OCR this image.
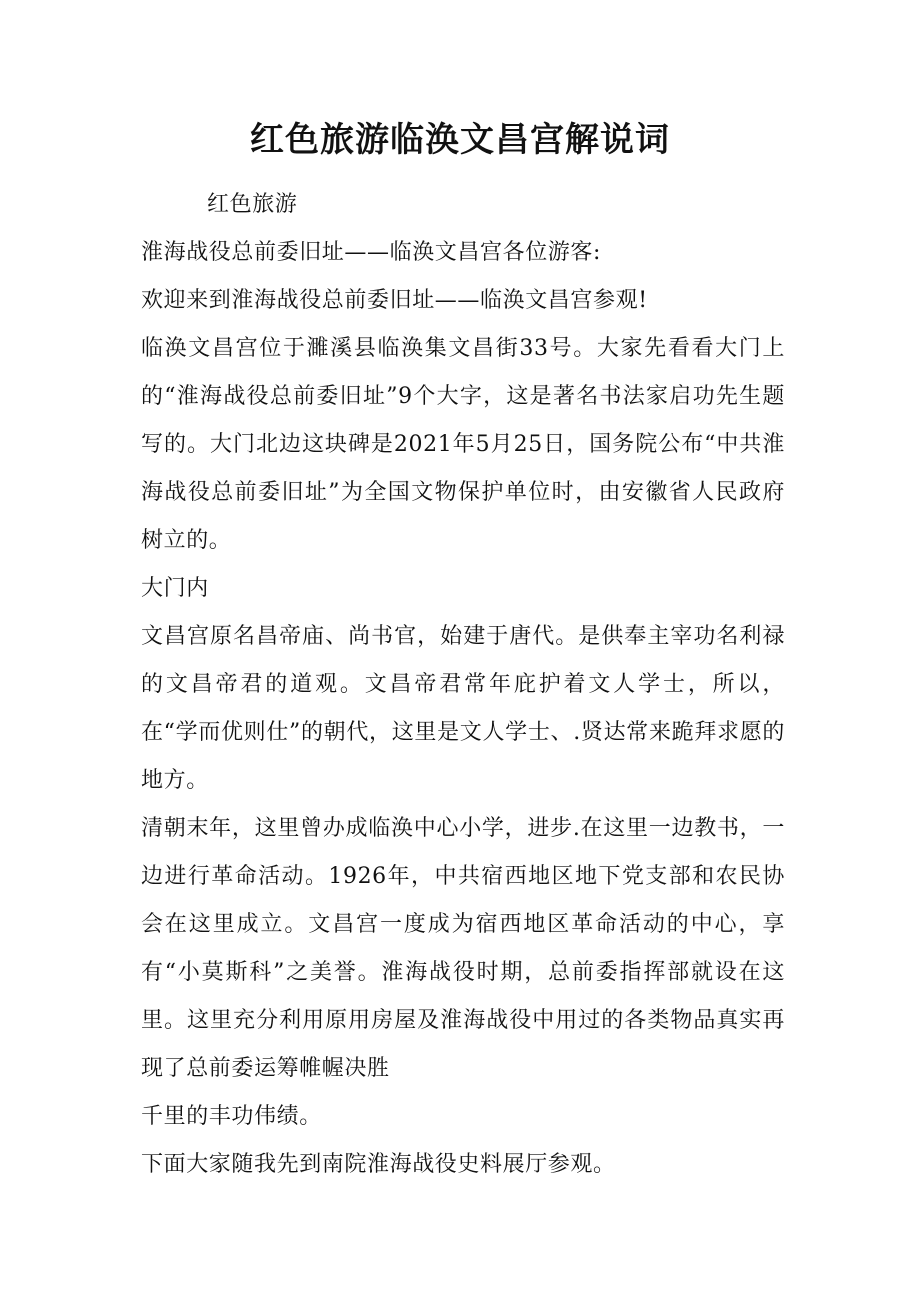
红色旅游临涣文昌宫解说词

红色旅游

淮海战役总前委旧址——临涣文昌宫各位游客:

欢迎来到淮海战役总前委旧址——临涣文昌宫参观!

临涣文昌宫位于濉溪县临涣集文昌街33号。大家先看看大门上的“淮海战役总前委旧址”9个大字，这是著名书法家启功先生题写的。大门北边这块碑是2021年5月25日，国务院公布“中共淮海战役总前委旧址”为全国文物保护单位时，由安徽省人民政府树立的。

大门内

文昌宫原名昌帝庙、尚书官，始建于唐代。是供奉主宰功名利禄的文昌帝君的道观。文昌帝君常年庇护着文人学士，所以，在“学而优则仕”的朝代，这里是文人学士、.贤达常来跪拜求愿的地方。

清朝末年，这里曾办成临涣中心小学，进步.在这里一边教书，一边进行革命活动。1926年，中共宿西地区地下党支部和农民协会在这里成立。文昌宫一度成为宿西地区革命活动的中心，享有“小莫斯科”之美誉。淮海战役时期，总前委指挥部就设在这里。这里充分利用原用房屋及淮海战役中用过的各类物品真实再现了总前委运筹帷幄决胜

千里的丰功伟绩。

下面大家随我先到南院淮海战役史料展厅参观。
